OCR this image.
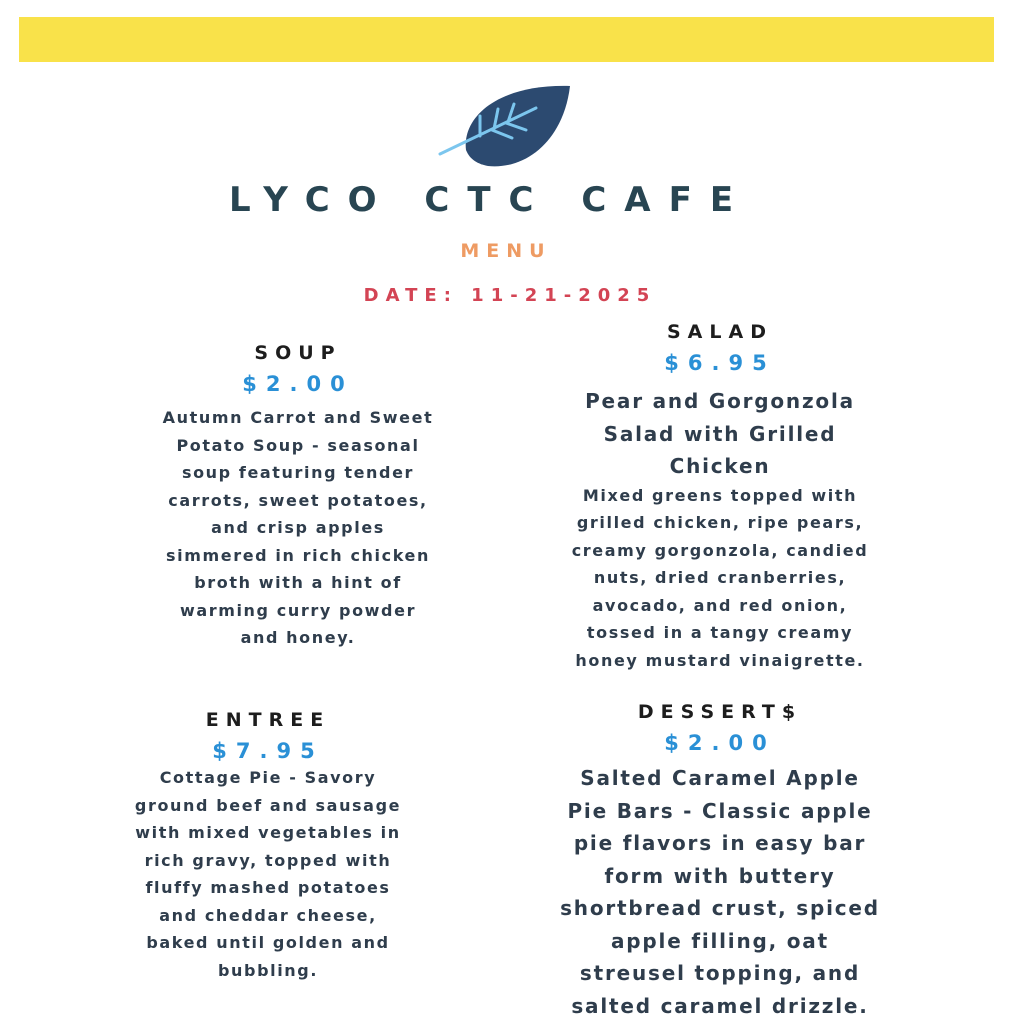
LYCO CTC CAFE
MENU
DATE: 11-21-2025
SOUP
$2.00
Autumn Carrot and Sweet
Potato Soup - seasonal
soup featuring tender
carrots, sweet potatoes,
and crisp apples
simmered in rich chicken
broth with a hint of
warming curry powder
and honey.
SALAD
$6.95
Pear and Gorgonzola
Salad with Grilled
Chicken
Mixed greens topped with
grilled chicken, ripe pears,
creamy gorgonzola, candied
nuts, dried cranberries,
avocado, and red onion,
tossed in a tangy creamy
honey mustard vinaigrette.
ENTREE
$7.95
Cottage Pie - Savory
ground beef and sausage
with mixed vegetables in
rich gravy, topped with
fluffy mashed potatoes
and cheddar cheese,
baked until golden and
bubbling.
DESSERT$
$2.00
Salted Caramel Apple
Pie Bars - Classic apple
pie flavors in easy bar
form with buttery
shortbread crust, spiced
apple filling, oat
streusel topping, and
salted caramel drizzle.
